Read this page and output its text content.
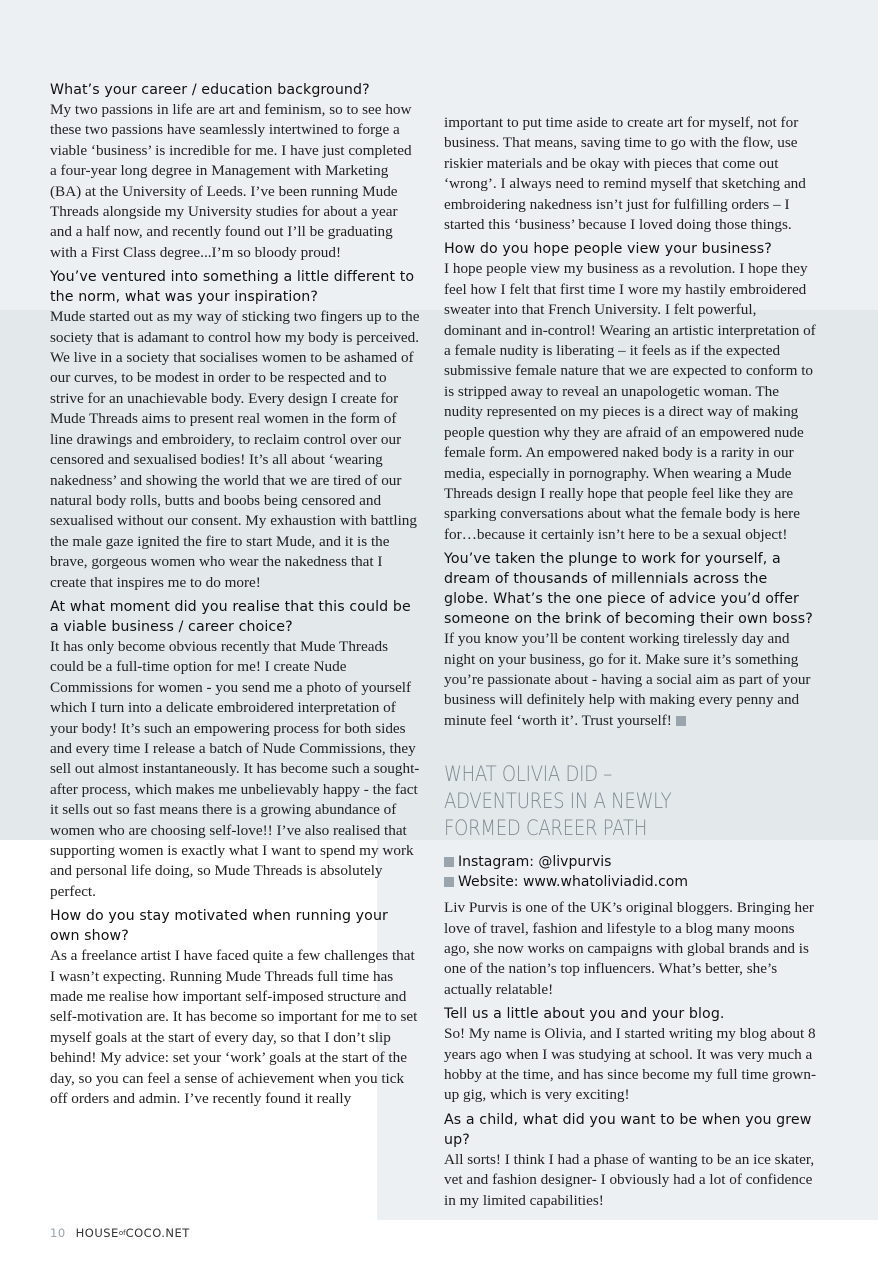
What’s your career / education background?

My two passions in life are art and feminism, so to see how these two passions have seamlessly intertwined to forge a viable ‘business’ is incredible for me. I have just completed a four-year long degree in Management with Marketing (BA) at the University of Leeds. I’ve been running Mude Threads alongside my University studies for about a year and a half now, and recently found out I’ll be graduating with a First Class degree...I’m so bloody proud!

You’ve ventured into something a little different to the norm, what was your inspiration?

Mude started out as my way of sticking two fingers up to the society that is adamant to control how my body is perceived. We live in a society that socialises women to be ashamed of our curves, to be modest in order to be respected and to strive for an unachievable body. Every design I create for Mude Threads aims to present real women in the form of line drawings and embroidery, to reclaim control over our censored and sexualised bodies! It’s all about ‘wearing nakedness’ and showing the world that we are tired of our natural body rolls, butts and boobs being censored and sexualised without our consent. My exhaustion with battling the male gaze ignited the fire to start Mude, and it is the brave, gorgeous women who wear the nakedness that I create that inspires me to do more!

At what moment did you realise that this could be a viable business / career choice?

It has only become obvious recently that Mude Threads could be a full-time option for me! I create Nude Commissions for women - you send me a photo of yourself which I turn into a delicate embroidered interpretation of your body! It’s such an empowering process for both sides and every time I release a batch of Nude Commissions, they sell out almost instantaneously. It has become such a sought-after process, which makes me unbelievably happy - the fact it sells out so fast means there is a growing abundance of women who are choosing self-love!! I’ve also realised that supporting women is exactly what I want to spend my work and personal life doing, so Mude Threads is absolutely perfect.

How do you stay motivated when running your own show?

As a freelance artist I have faced quite a few challenges that I wasn’t expecting. Running Mude Threads full time has made me realise how important self-imposed structure and self-motivation are. It has become so important for me to set myself goals at the start of every day, so that I don’t slip behind! My advice: set your ‘work’ goals at the start of the day, so you can feel a sense of achievement when you tick off orders and admin. I’ve recently found it really

important to put time aside to create art for myself, not for business. That means, saving time to go with the flow, use riskier materials and be okay with pieces that come out ‘wrong’. I always need to remind myself that sketching and embroidering nakedness isn’t just for fulfilling orders – I started this ‘business’ because I loved doing those things.

How do you hope people view your business?

I hope people view my business as a revolution. I hope they feel how I felt that first time I wore my hastily embroidered sweater into that French University. I felt powerful, dominant and in-control! Wearing an artistic interpretation of a female nudity is liberating – it feels as if the expected submissive female nature that we are expected to conform to is stripped away to reveal an unapologetic woman. The nudity represented on my pieces is a direct way of making people question why they are afraid of an empowered nude female form. An empowered naked body is a rarity in our media, especially in pornography. When wearing a Mude Threads design I really hope that people feel like they are sparking conversations about what the female body is here for…because it certainly isn’t here to be a sexual object!

You’ve taken the plunge to work for yourself, a dream of thousands of millennials across the globe. What’s the one piece of advice you’d offer someone on the brink of becoming their own boss?

If you know you’ll be content working tirelessly day and night on your business, go for it. Make sure it’s something you’re passionate about - having a social aim as part of your business will definitely help with making every penny and minute feel ‘worth it’. Trust yourself!

WHAT OLIVIA DID – ADVENTURES IN A NEWLY FORMED CAREER PATH

Instagram: @livpurvis

Website: www.whatoliviadid.com

Liv Purvis is one of the UK’s original bloggers. Bringing her love of travel, fashion and lifestyle to a blog many moons ago, she now works on campaigns with global brands and is one of the nation’s top influencers. What’s better, she’s actually relatable!

Tell us a little about you and your blog.

So! My name is Olivia, and I started writing my blog about 8 years ago when I was studying at school. It was very much a hobby at the time, and has since become my full time grown-up gig, which is very exciting!

As a child, what did you want to be when you grew up?

All sorts! I think I had a phase of wanting to be an ice skater, vet and fashion designer- I obviously had a lot of confidence in my limited capabilities!

10 HOUSEofCOCO.NET
